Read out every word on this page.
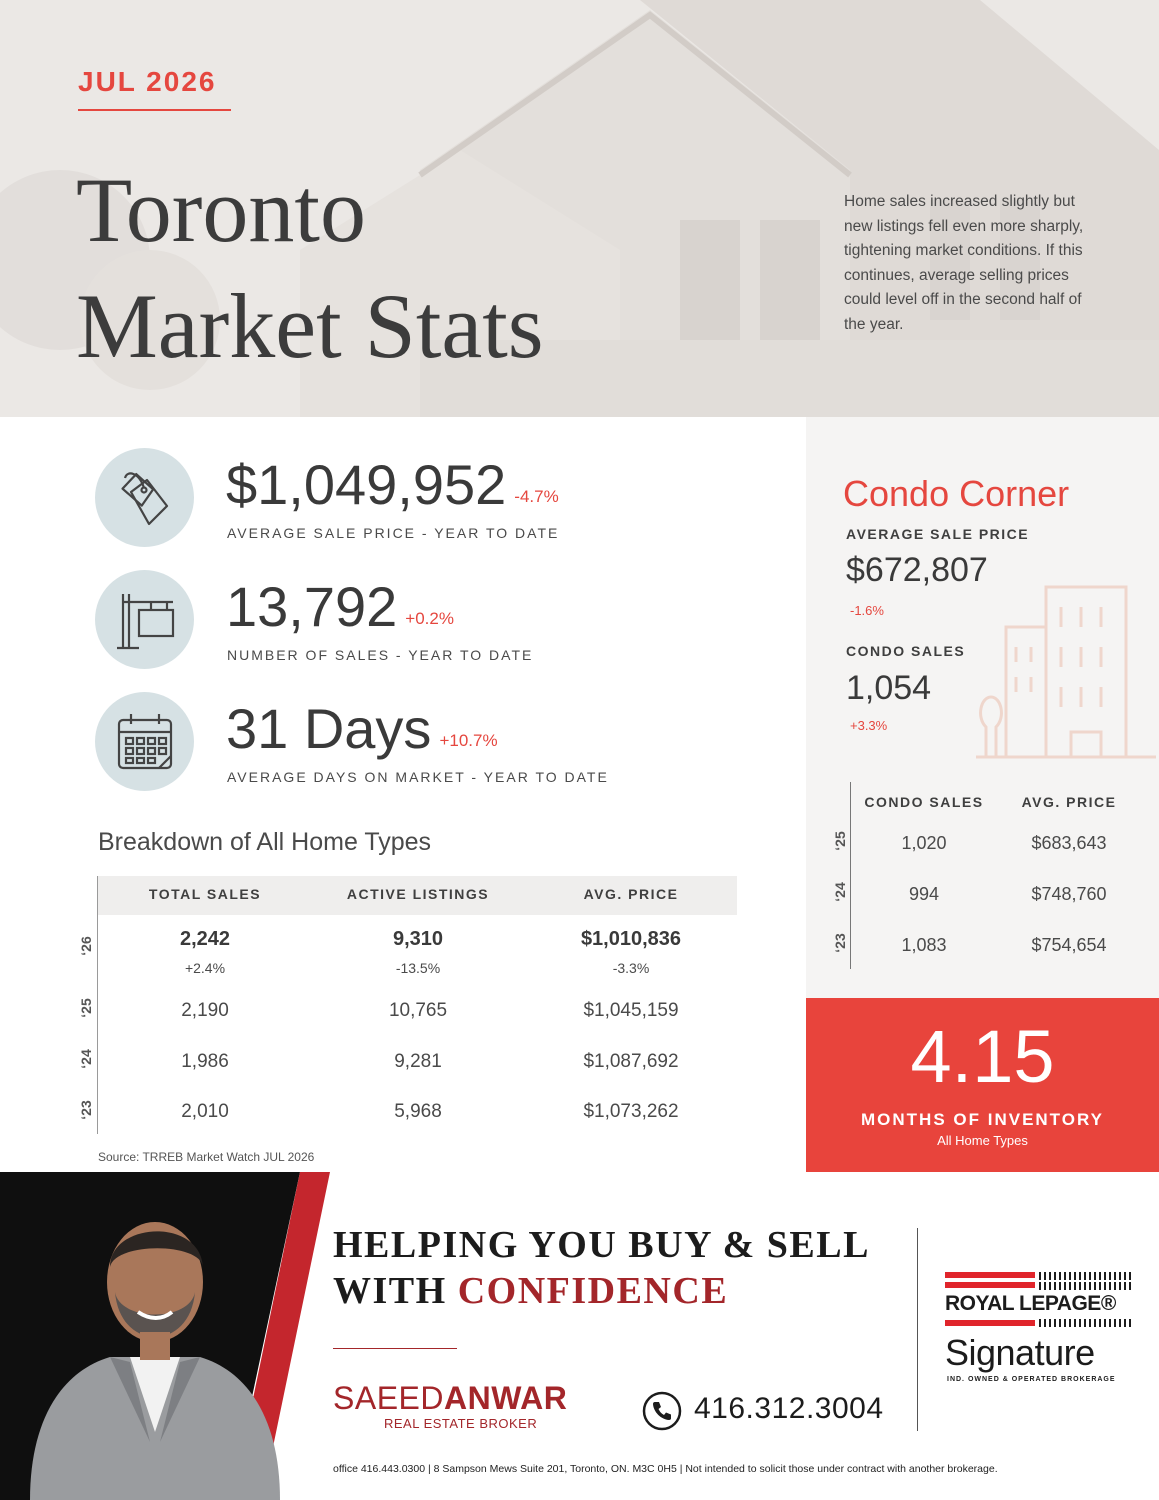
JUL 2026
Toronto
Market Stats
Home sales increased slightly but new listings fell even more sharply, tightening market conditions. If this continues, average selling prices could level off in the second half of the year.
$1,049,952 -4.7%
AVERAGE SALE PRICE - YEAR TO DATE
13,792 +0.2%
NUMBER OF SALES - YEAR TO DATE
31 Days +10.7%
AVERAGE DAYS ON MARKET - YEAR TO DATE
Breakdown of All Home Types
TOTAL SALES	ACTIVE LISTINGS	AVG. PRICE
‘26	2,242	9,310	$1,010,836
+2.4%	-13.5%	-3.3%
‘25	2,190	10,765	$1,045,159
‘24	1,986	9,281	$1,087,692
‘23	2,010	5,968	$1,073,262
Source: TRREB Market Watch JUL 2026
Condo Corner
AVERAGE SALE PRICE
$672,807
-1.6%
CONDO SALES
1,054
+3.3%
CONDO SALES	AVG. PRICE
‘25	1,020	$683,643
‘24	994	$748,760
‘23	1,083	$754,654
4.15
MONTHS OF INVENTORY
All Home Types
HELPING YOU BUY & SELL
WITH CONFIDENCE
SAEEDANWAR
REAL ESTATE BROKER	416.312.3004
ROYAL LEPAGE®
Signature
IND. OWNED & OPERATED BROKERAGE
office 416.443.0300 | 8 Sampson Mews Suite 201, Toronto, ON. M3C 0H5 | Not intended to solicit those under contract with another brokerage.
